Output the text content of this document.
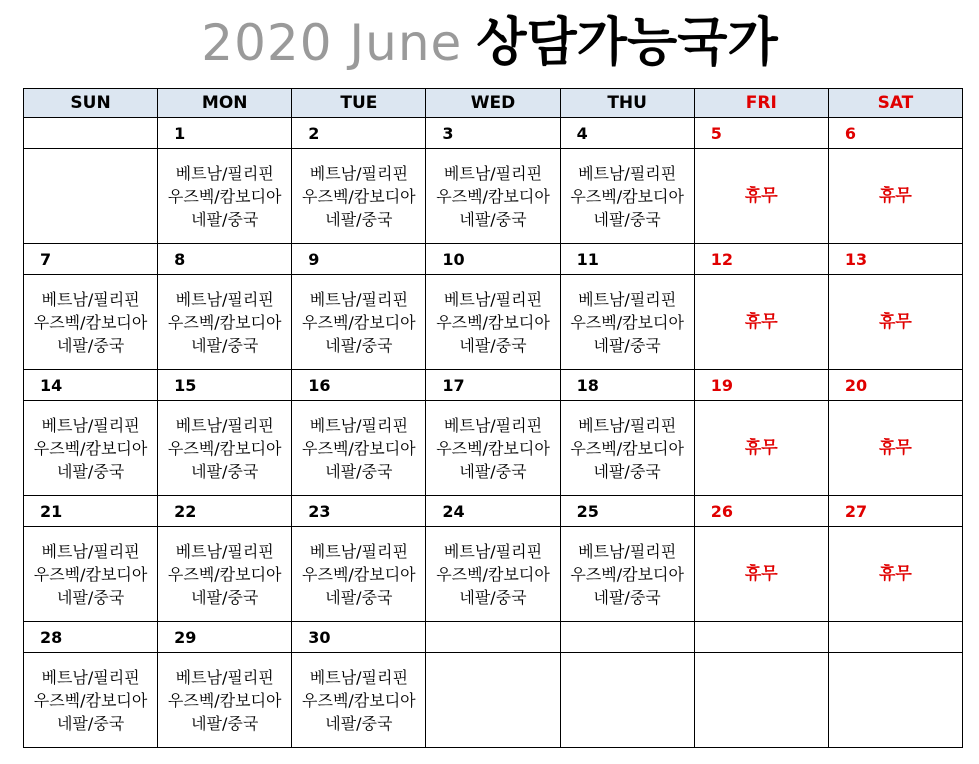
2020 June 상담가능국가
SUN	MON	TUE	WED	THU	FRI	SAT
	1	2	3	4	5	6

	베트남/필리핀
우즈벡/캄보디아
네팔/중국	베트남/필리핀
우즈벡/캄보디아
네팔/중국	베트남/필리핀
우즈벡/캄보디아
네팔/중국	베트남/필리핀
우즈벡/캄보디아
네팔/중국	휴무	휴무
7	8	9	10	11	12	13

베트남/필리핀
우즈벡/캄보디아
네팔/중국	베트남/필리핀
우즈벡/캄보디아
네팔/중국	베트남/필리핀
우즈벡/캄보디아
네팔/중국	베트남/필리핀
우즈벡/캄보디아
네팔/중국	베트남/필리핀
우즈벡/캄보디아
네팔/중국	휴무	휴무
14	15	16	17	18	19	20

베트남/필리핀
우즈벡/캄보디아
네팔/중국	베트남/필리핀
우즈벡/캄보디아
네팔/중국	베트남/필리핀
우즈벡/캄보디아
네팔/중국	베트남/필리핀
우즈벡/캄보디아
네팔/중국	베트남/필리핀
우즈벡/캄보디아
네팔/중국	휴무	휴무
21	22	23	24	25	26	27

베트남/필리핀
우즈벡/캄보디아
네팔/중국	베트남/필리핀
우즈벡/캄보디아
네팔/중국	베트남/필리핀
우즈벡/캄보디아
네팔/중국	베트남/필리핀
우즈벡/캄보디아
네팔/중국	베트남/필리핀
우즈벡/캄보디아
네팔/중국	휴무	휴무
28	29	30				

베트남/필리핀
우즈벡/캄보디아
네팔/중국	베트남/필리핀
우즈벡/캄보디아
네팔/중국	베트남/필리핀
우즈벡/캄보디아
네팔/중국				
